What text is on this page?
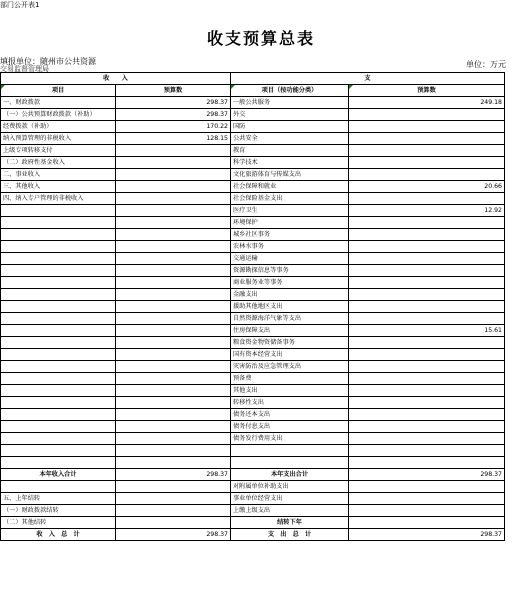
部门公开表1
收支预算总表
填报单位：随州市公共资源
交易监督管理局	单位：万元
收　　入		支	
项目	预算数	项目（按功能分类）	预算数
一、财政拨款	298.37	一般公共服务	249.18
（一）公共预算财政拨款（补助）	298.37	外交	
经费拨款（补助）	170.22	国防	
纳入预算管理的非税收入	128.15	公共安全	
上级专项转移支付		教育	
（二）政府性基金收入		科学技术	
二、事业收入		文化旅游体育与传媒支出	
三、其他收入		社会保障和就业	20.66
四、纳入专户管理的非税收入		社会保险基金支出	
		医疗卫生	12.92
		环境保护	
		城乡社区事务	
		农林水事务	
		交通运输	
		资源勘探信息等事务	
		商业服务业等事务	
		金融支出	
		援助其他地区支出	
		自然资源海洋气象等支出	
		住房保障支出	15.61
		粮食资金物资储备事务	
		国有资本经营支出	
		灾害防治及应急管理支出	
		预备费	
		其他支出	
		转移性支出	
		债务还本支出	
		债务付息支出	
		债务发行费用支出	

本年收入合计	298.37	本年支出合计	298.37
		对附属单位补助支出	
五、上年结转		事业单位经营支出	
（一）财政拨款结转		上缴上级支出	
（二）其他结转		结转下年	
收　入　总　计	298.37	支　出　总　计	298.37
